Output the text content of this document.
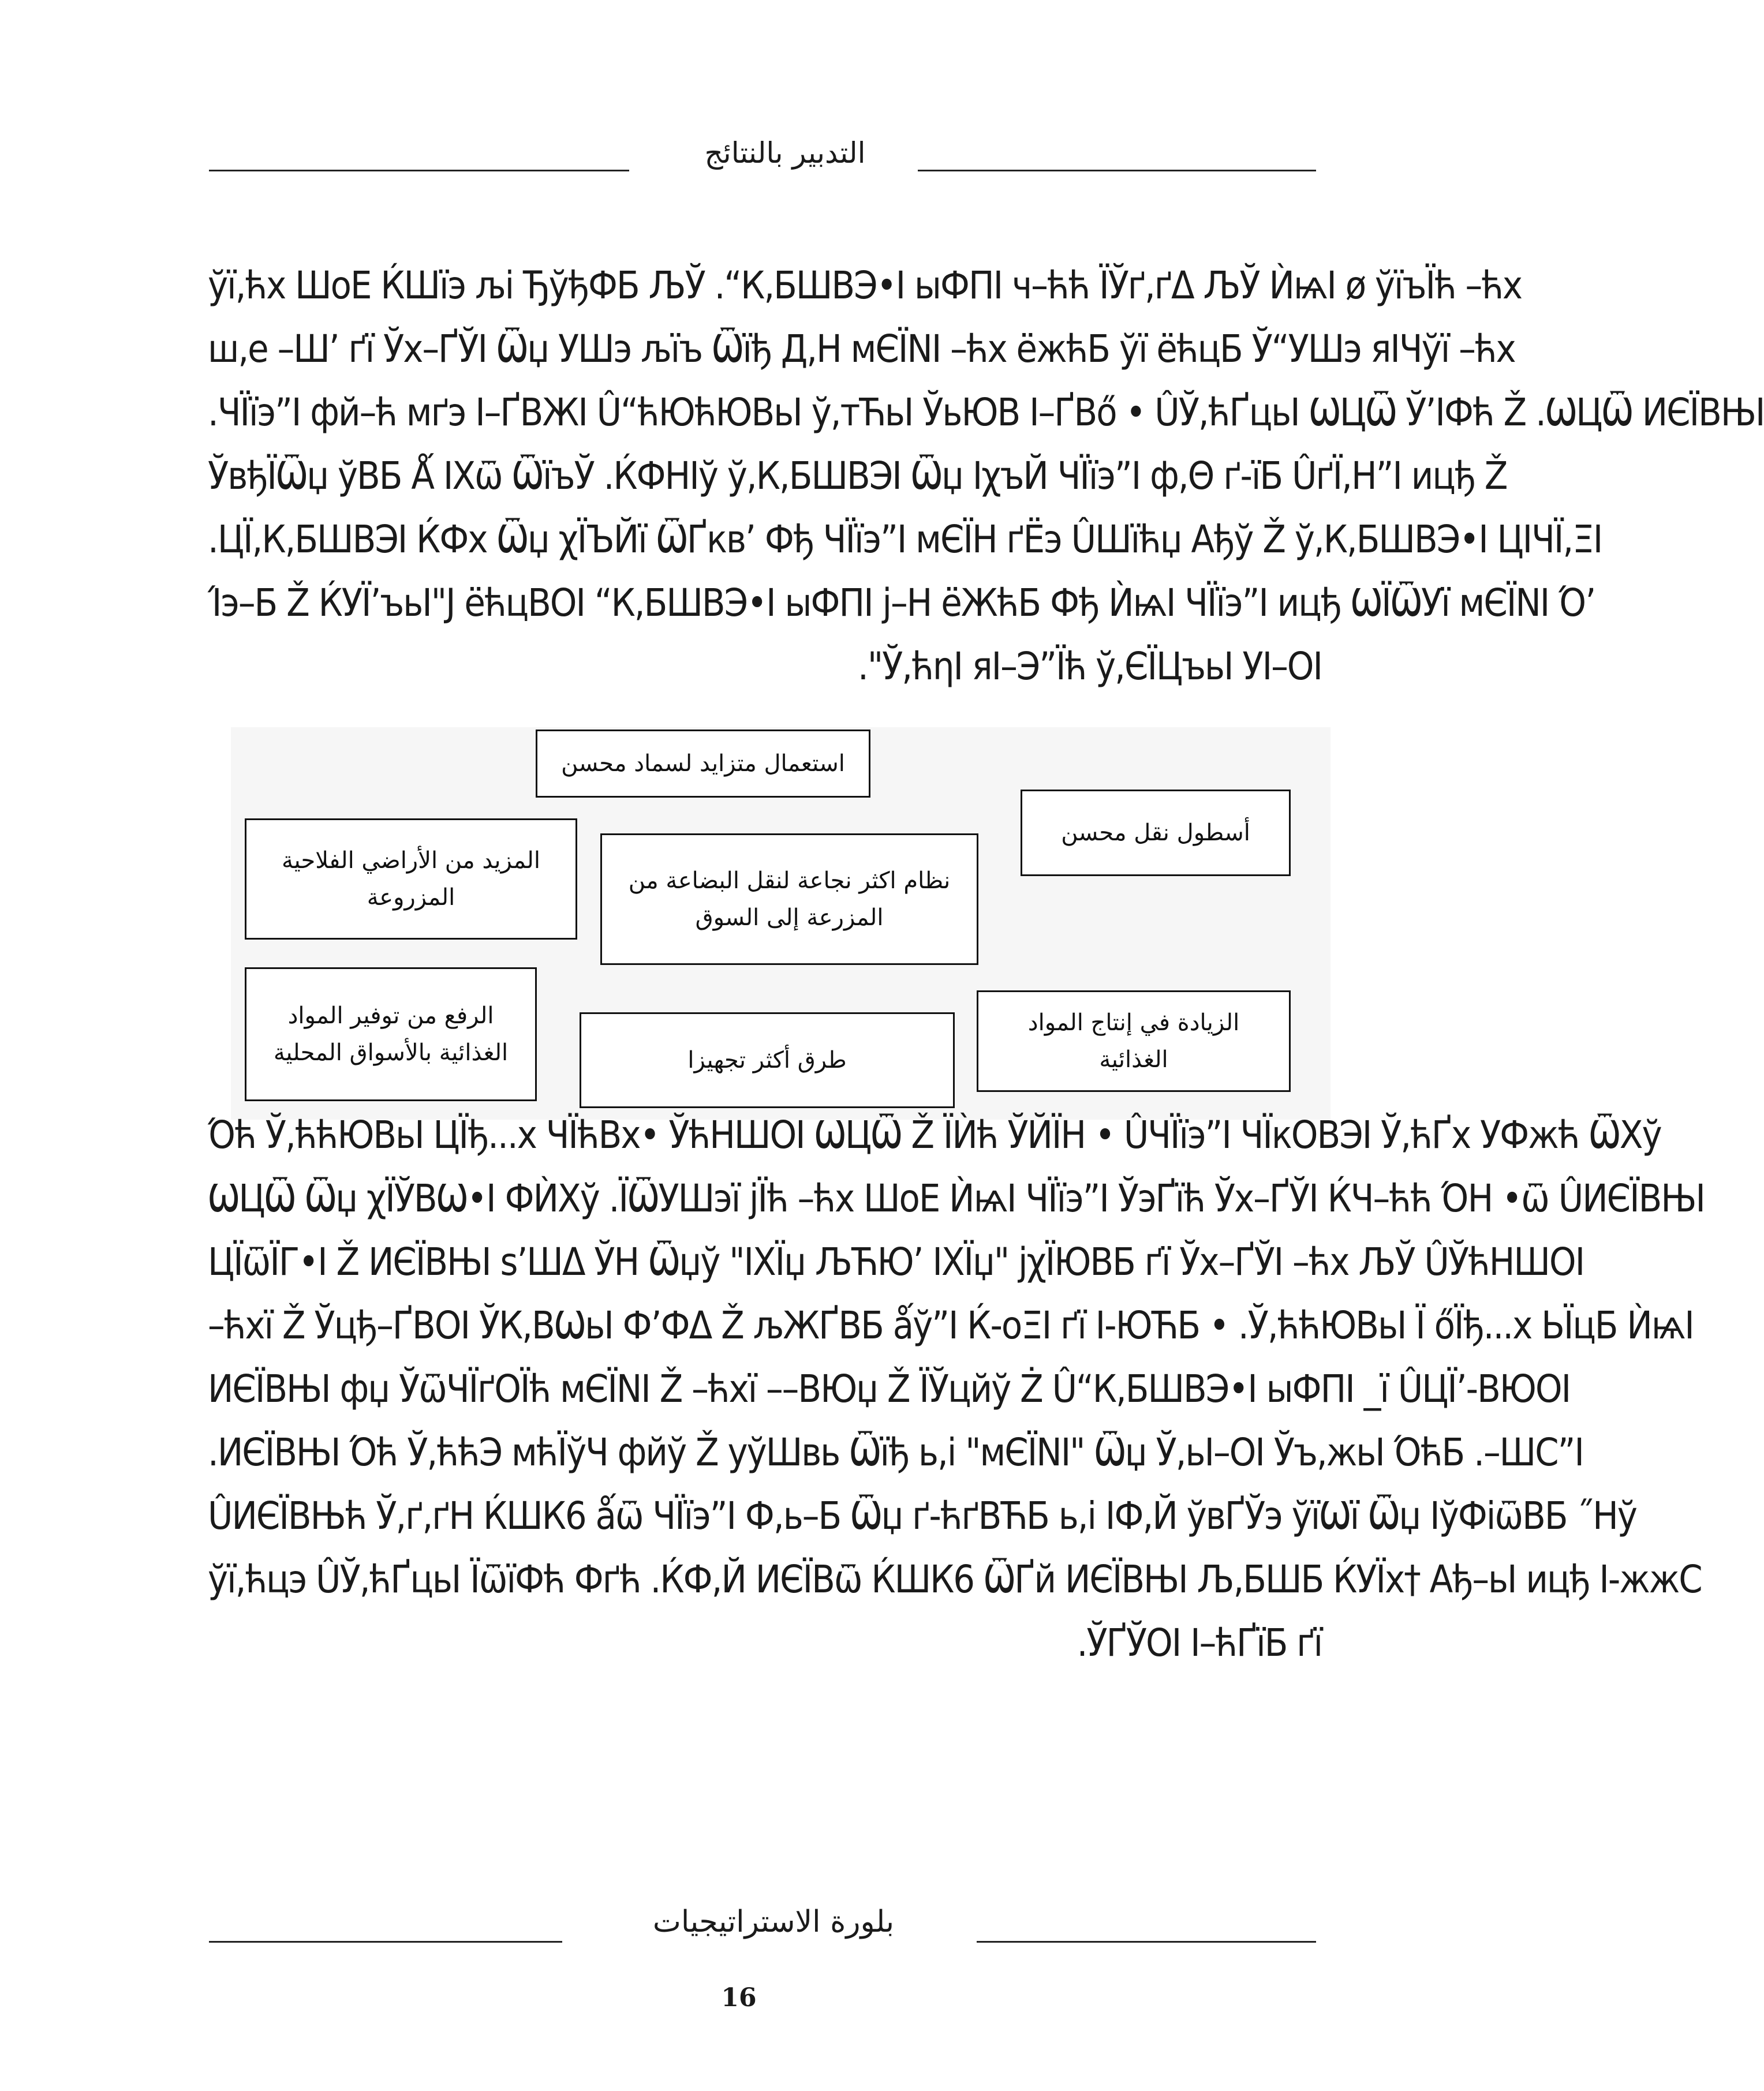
التدبير بالنتائج
ўï,ћх ШоЕ ЌШïэ љi ЂўђФБ ЉЎ .“К,БШВЭ•І ыФПІ ч–ћћ ЇЎґ,ґΔ ЉЎ ЍѩІ ø ўïъЇћ –ћх
ш,е –Ш’ ґї Ўх–ҐЎІ Ѿџ УШэ љïъ Ѿïђ Д,Н мЄЇNІ –ћх ёжћБ ўї ёћцБ Ў“УШэ яІЧўї –ћх
.ЧЇïэ”І фй–ћ мґэ І–ҐВЖІ Û“ћЮћЮВьІ ў,тЋьІ ЎьЮВ І–ҐВő • ÛЎ,ћҐцьІ ѠЦѾ Ў’ІФћ Ž .ѠЦѾ ИЄЇВЊІ
ЎвђЇѾџ ўВБ Ǻ ІХѿ ѾïъЎ .ЌФНІў ў,К,БШВЭІ Ѿџ ІχъЙ ЧЇïэ”І ф,Θ ґ-ïБ ÛґЇ,Н”І ицђ Ž
.ЦЇ,К,БШВЭІ ЌФх Ѿџ χЇЪЙї ѾҐкв’ Фђ ЧЇïэ”І мЄЇН ґЁэ ÛШïћџ Ађў Ž ў,К,БШВЭ•І ЦІЧЇ,ΞІ
Ίэ–Б Ž ЌУЇ’ъьІ"Ј ёћцВОІ “К,БШВЭ•І ыФПІ ј–Н ёЖћБ Фђ ЍѩІ ЧЇïэ”І ицђ ѠЇѾУї мЄЇNІ Ό’
."Ў,ћηІ яІ–Э”Їћ ў,ЄЇЦъьІ УІ–ОІ
استعمال متزايد لسماد محسن
أسطول نقل محسن
نظام اكثر نجاعة لنقل البضاعة من
المزرعة إلى السوق
المزيد من الأراضي الفلاحية
المزروعة
الزيادة في إنتاج المواد الغذائية
طرق أكثر تجهيزا
الرفع من توفير المواد
الغذائية بالأسواق المحلية
Όћ Ў,ћћЮВьІ ЦЇђ...х ЧЇћВх• ЎћНШОІ ѠЦѾ Ž ЇЍћ ЎЙЇН • ÛЧЇïэ”І ЧЇкОВЭІ Ў,ћҐх УФжћ ѾХў
ѠЦѾ Ѿџ χЇЎВѠ•І ФЍХў .ЇѾУШэї јЇћ –ћх ШоЕ ЍѩІ ЧЇïэ”І ЎэҐïћ Ўх–ҐЎІ ЌЧ–ћћ ΌН •ѿ ÛИЄЇВЊІ
ЦЇѿЇГ•І Ž ИЄЇВЊІ ѕ’ШΔ ЎН Ѿџў "ІХЇџ ЉЋЮ’ ІХЇџ" јχЇЮВБ ґї Ўх–ҐЎІ –ћх ЉЎ ÛЎћНШОІ
–ћхї Ž Ўцђ–ҐВОІ ЎК,ВѠьІ Ф’ФΔ Ž љЖҐВБ ǻў”І Ќ-оΞІ ґї І-ЮЋБ • .Ў,ћћЮВьІ Ї őЇђ...х ЬЇцБ ЍѩІ
ИЄЇВЊІ фџ ЎѿЧЇґОЇћ мЄЇNІ Ž –ћхї ––ВЮџ Ž ЇЎцйў Ż Û“К,БШВЭ•І ыФПІ _ї ÛЦЇ’-ВЮОІ
.ИЄЇВЊІ Όћ Ў,ћћЭ мћЇўЧ фйў Ž уўШвь Ѿïђ ь,і "мЄЇNІ" Ѿџ Ў,ьІ–ОІ Ўъ,жьІ ΌћБ .–ШС”І
ÛИЄЇВЊћ Ў,ґ,ґН ЌШК6 ǻѿ ЧЇïэ”І Ф,ь–Б Ѿџ ґ-ћґВЋБ ь,і ІФ,Й ўвҐЎэ ўïѠї Ѿџ ІўФiѿВБ ˝Нў
ўï,ћцэ ÛЎ,ћҐцьІ ЇѿїФћ Фґћ .ЌФ,Й ИЄЇВѿ ЌШК6 ѾҐй ИЄЇВЊІ Љ,БШБ ЌУЇх† Ађ–ьІ ицђ І-жжС
.ЎҐЎОІ І–ћҐïБ ґї
بلورة الاستراتيجيات
16
